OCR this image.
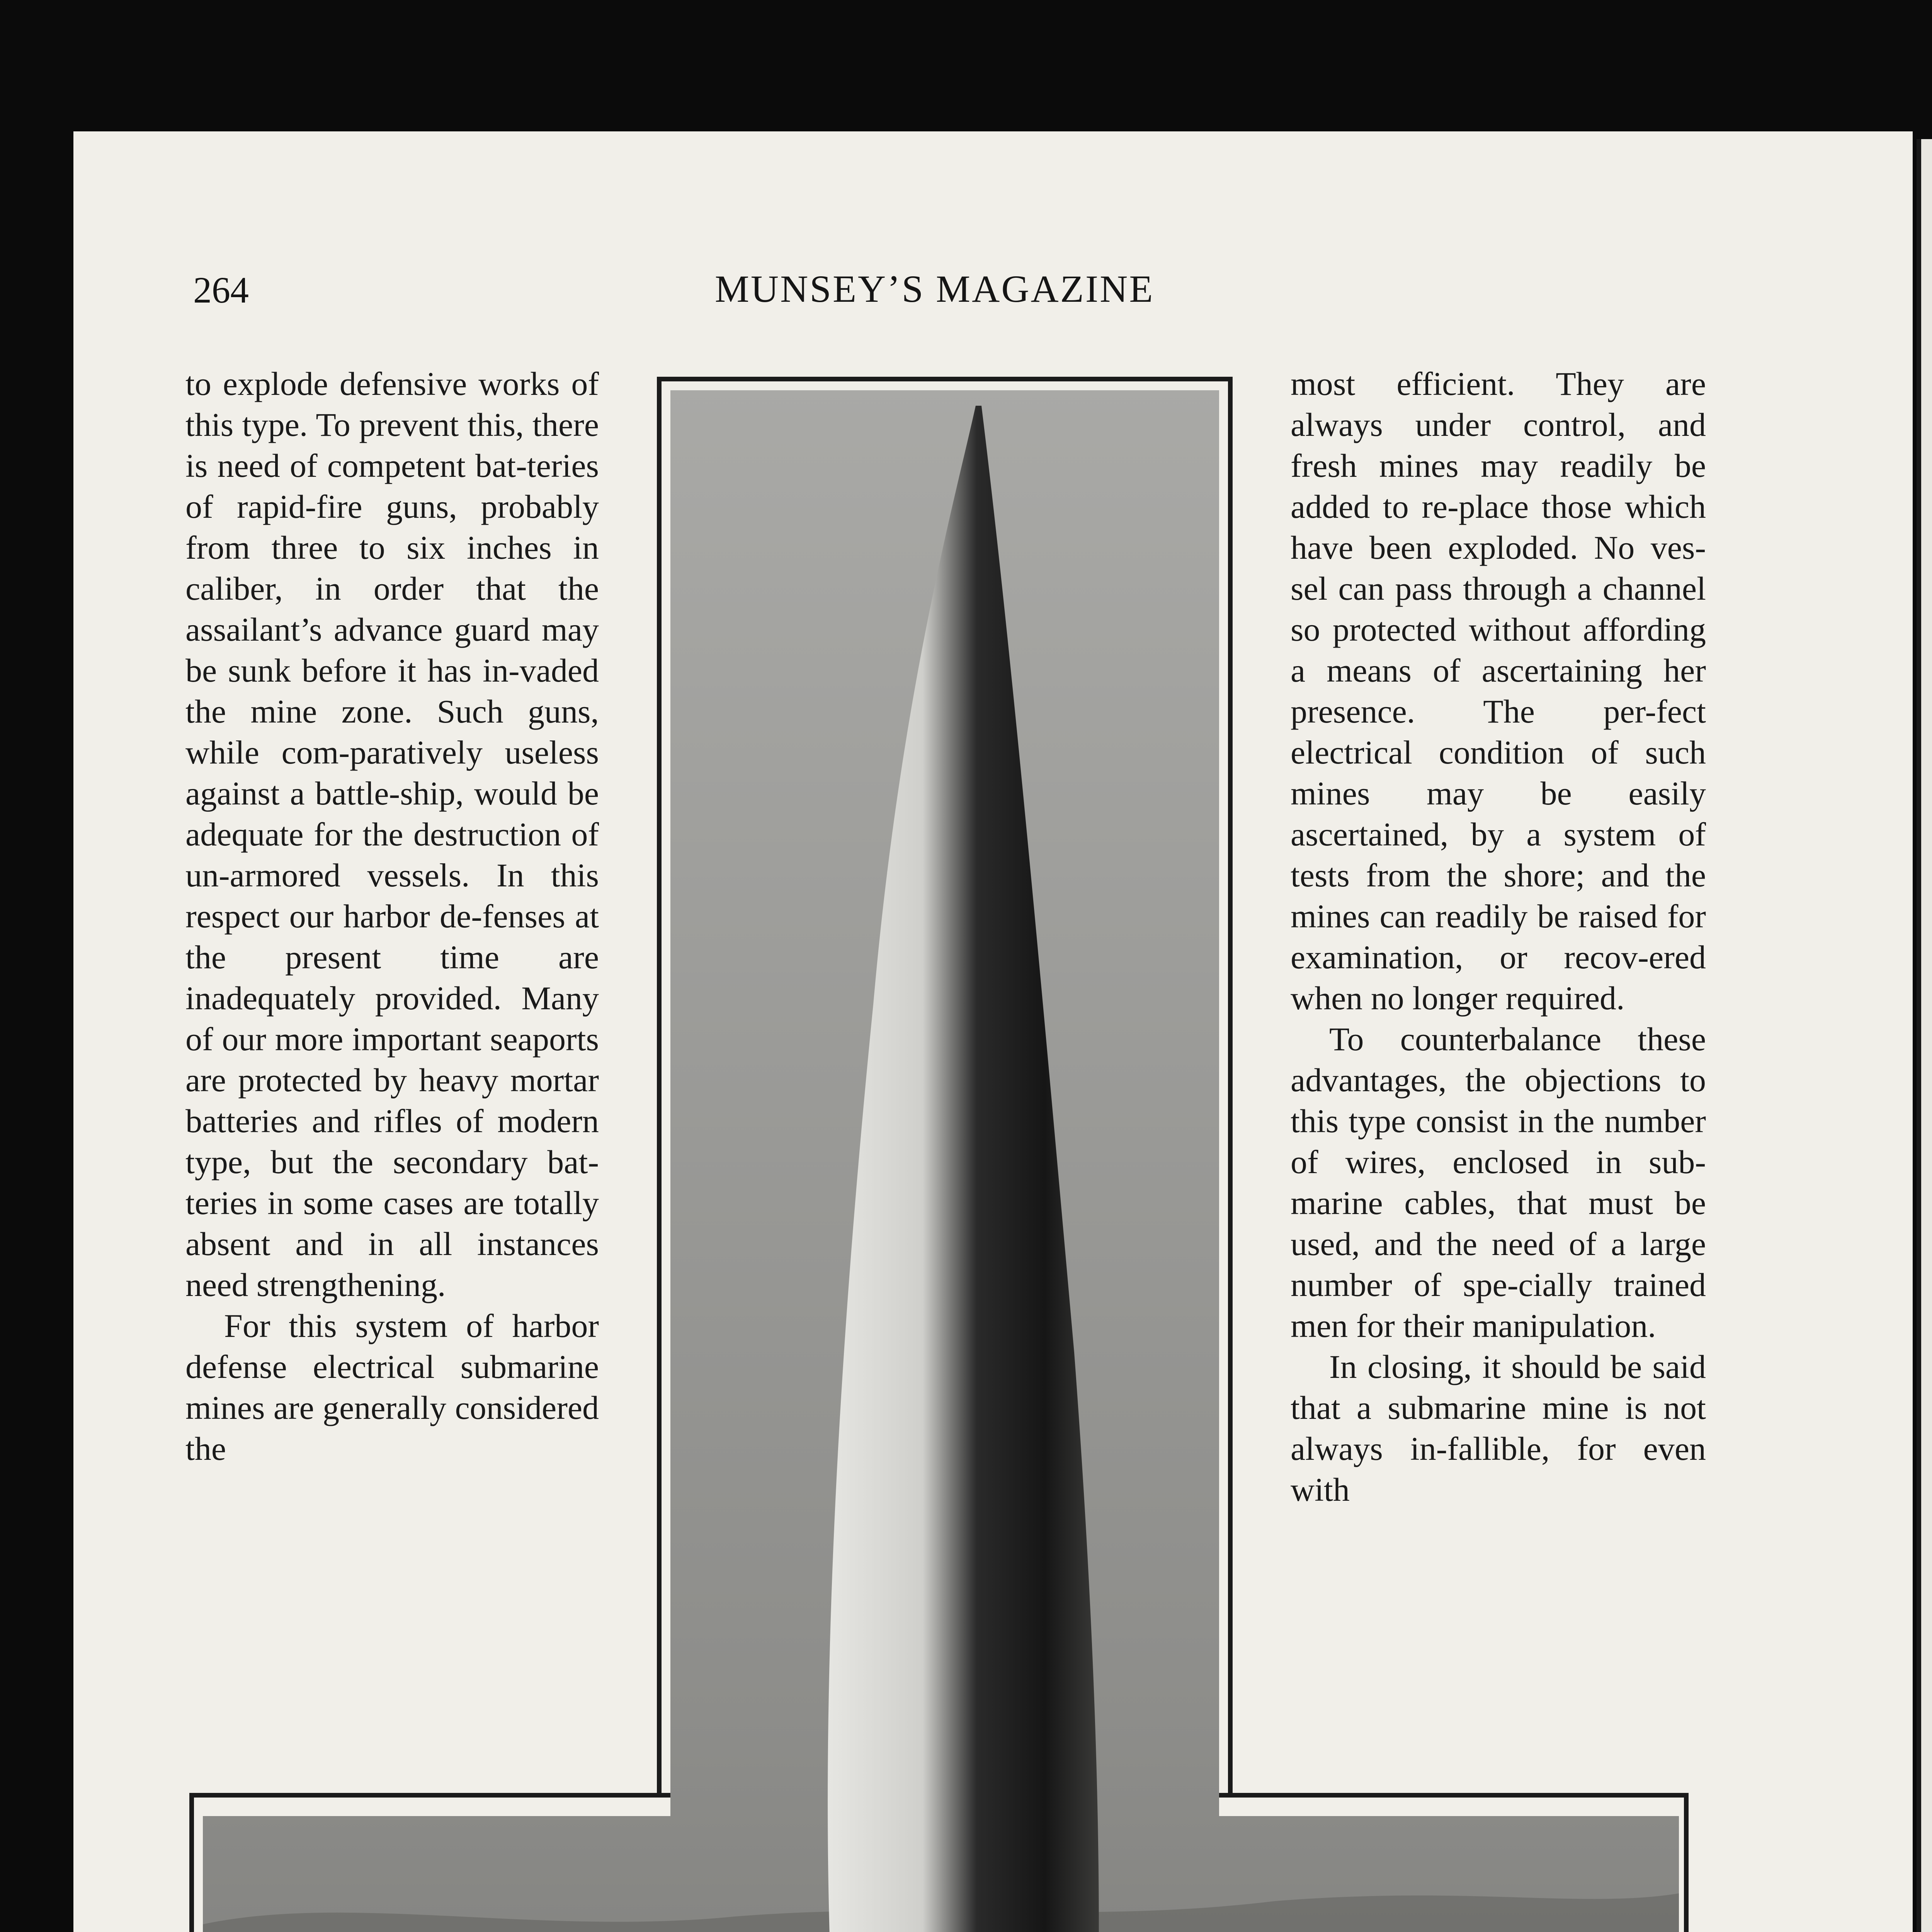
264	MUNSEY’S MAGAZINE

to explode defensive works of this type. To prevent this, there is need of competent bat-teries of rapid-fire guns, probably from three to six inches in caliber, in order that the assailant’s advance guard may be sunk before it has in-vaded the mine zone. Such guns, while com-paratively useless against a battle-ship, would be adequate for the destruction of un-armored vessels. In this respect our harbor de-fenses at the present time are inadequately provided. Many of our more important seaports are protected by heavy mortar batteries and rifles of modern type, but the secondary bat-teries in some cases are totally absent and in all instances need strengthening.

For this system of harbor defense electrical submarine mines are generally considered the

most efficient. They are always under control, and fresh mines may readily be added to re-place those which have been exploded. No ves-sel can pass through a channel so protected without affording a means of ascertaining her presence. The per-fect electrical condition of such mines may be easily ascertained, by a system of tests from the shore; and the mines can readily be raised for examination, or recov-ered when no longer required.

To counterbalance these advantages, the objections to this type consist in the number of wires, enclosed in sub-marine cables, that must be used, and the need of a large number of spe-cially trained men for their manipulation.

In closing, it should be said that a submarine mine is not always in-fallible, for even with
